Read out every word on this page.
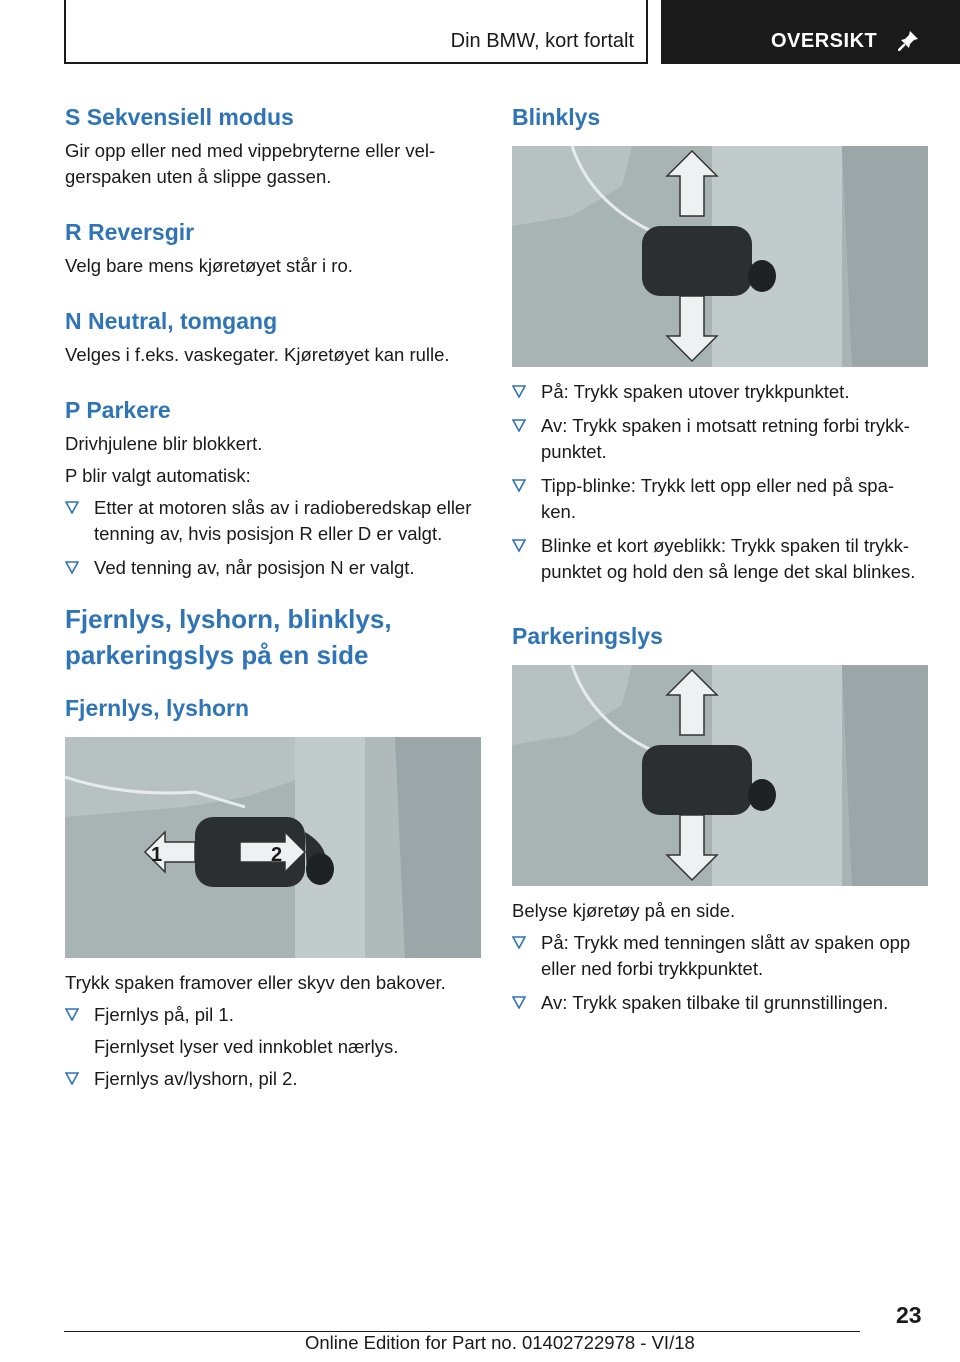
Din BMW, kort fortalt	OVERSIKT
S Sekvensiell modus

Gir opp eller ned med vippebryterne eller vel-

gerspaken uten å slippe gassen.

R Reversgir

Velg bare mens kjøretøyet står i ro.

N Neutral, tomgang

Velges i f.eks. vaskegater. Kjøretøyet kan rulle.

P Parkere

Drivhjulene blir blokkert.

P blir valgt automatisk:

Etter at motoren slås av i radioberedskap eller
tenning av, hvis posisjon R eller D er valgt.
Ved tenning av, når posisjon N er valgt.
Fjernlys, lyshorn, blinklys,
parkeringslys på en side
Fjernlys, lyshorn
1	2

Trykk spaken framover eller skyv den bakover.

Fjernlys på, pil 1.

Fjernlyset lyser ved innkoblet nærlys.

Fjernlys av/lyshorn, pil 2.
Blinklys
På: Trykk spaken utover trykkpunktet.
Av: Trykk spaken i motsatt retning forbi trykk-
punktet.
Tipp-blinke: Trykk lett opp eller ned på spa-
ken.
Blinke et kort øyeblikk: Trykk spaken til trykk-
punktet og hold den så lenge det skal blinkes.
Parkeringslys

Belyse kjøretøy på en side.

På: Trykk med tenningen slått av spaken opp
eller ned forbi trykkpunktet.
Av: Trykk spaken tilbake til grunnstillingen.
23
Online Edition for Part no. 01402722978 - VI/18
